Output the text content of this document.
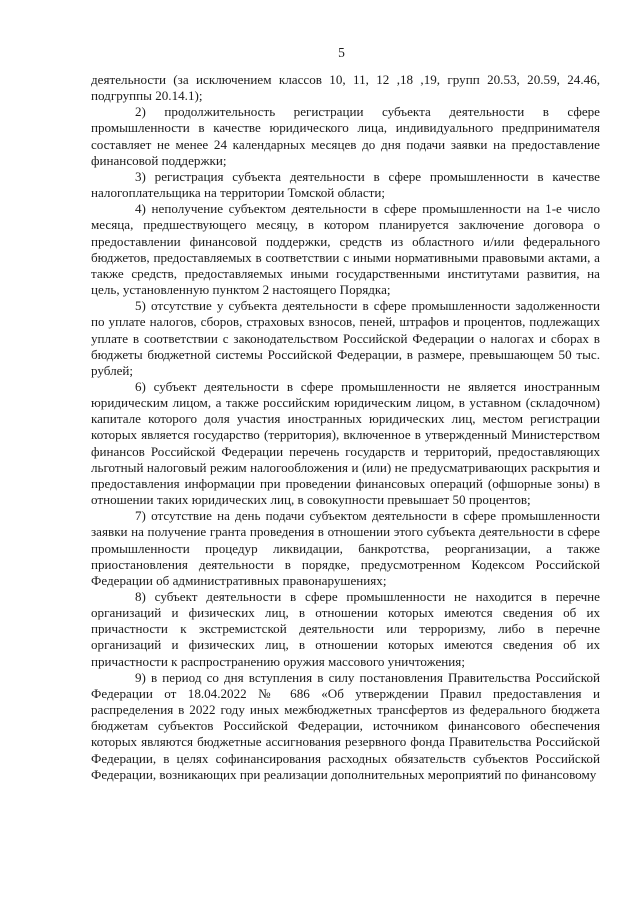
5

деятельности (за исключением классов 10, 11, 12 ,18 ,19, групп 20.53, 20.59, 24.46, подгруппы 20.14.1);

2) продолжительность регистрации субъекта деятельности в сфере промышленности в качестве юридического лица, индивидуального предпринимателя составляет не менее 24 календарных месяцев до дня подачи заявки на предоставление финансовой поддержки;

3) регистрация субъекта деятельности в сфере промышленности в качестве налогоплательщика на территории Томской области;

4) неполучение субъектом деятельности в сфере промышленности на 1-е число месяца, предшествующего месяцу, в котором планируется заключение договора о предоставлении финансовой поддержки, средств из областного и/или федерального бюджетов, предоставляемых в соответствии с иными нормативными правовыми актами, а также средств, предоставляемых иными государственными институтами развития, на цель, установленную пунктом 2 настоящего Порядка;

5) отсутствие у субъекта деятельности в сфере промышленности задолженности по уплате налогов, сборов, страховых взносов, пеней, штрафов и процентов, подлежащих уплате в соответствии с законодательством Российской Федерации о налогах и сборах в бюджеты бюджетной системы Российской Федерации, в размере, превышающем 50 тыс. рублей;

6) субъект деятельности в сфере промышленности не является иностранным юридическим лицом, а также российским юридическим лицом, в уставном (складочном) капитале которого доля участия иностранных юридических лиц, местом регистрации которых является государство (территория), включенное в утвержденный Министерством финансов Российской Федерации перечень государств и территорий, предоставляющих льготный налоговый режим налогообложения и (или) не предусматривающих раскрытия и предоставления информации при проведении финансовых операций (офшорные зоны) в отношении таких юридических лиц, в совокупности превышает 50 процентов;

7) отсутствие на день подачи субъектом деятельности в сфере промышленности заявки на получение гранта проведения в отношении этого субъекта деятельности в сфере промышленности процедур ликвидации, банкротства, реорганизации, а также приостановления деятельности в порядке, предусмотренном Кодексом Российской Федерации об административных правонарушениях;

8) субъект деятельности в сфере промышленности не находится в перечне организаций и физических лиц, в отношении которых имеются сведения об их причастности к экстремистской деятельности или терроризму, либо в перечне организаций и физических лиц, в отношении которых имеются сведения об их причастности к распространению оружия массового уничтожения;

9) в период со дня вступления в силу постановления Правительства Российской Федерации от 18.04.2022 № 686 «Об утверждении Правил предоставления и распределения в 2022 году иных межбюджетных трансфертов из федерального бюджета бюджетам субъектов Российской Федерации, источником финансового обеспечения которых являются бюджетные ассигнования резервного фонда Правительства Российской Федерации, в целях софинансирования расходных обязательств субъектов Российской Федерации, возникающих при реализации дополнительных мероприятий по финансовому
